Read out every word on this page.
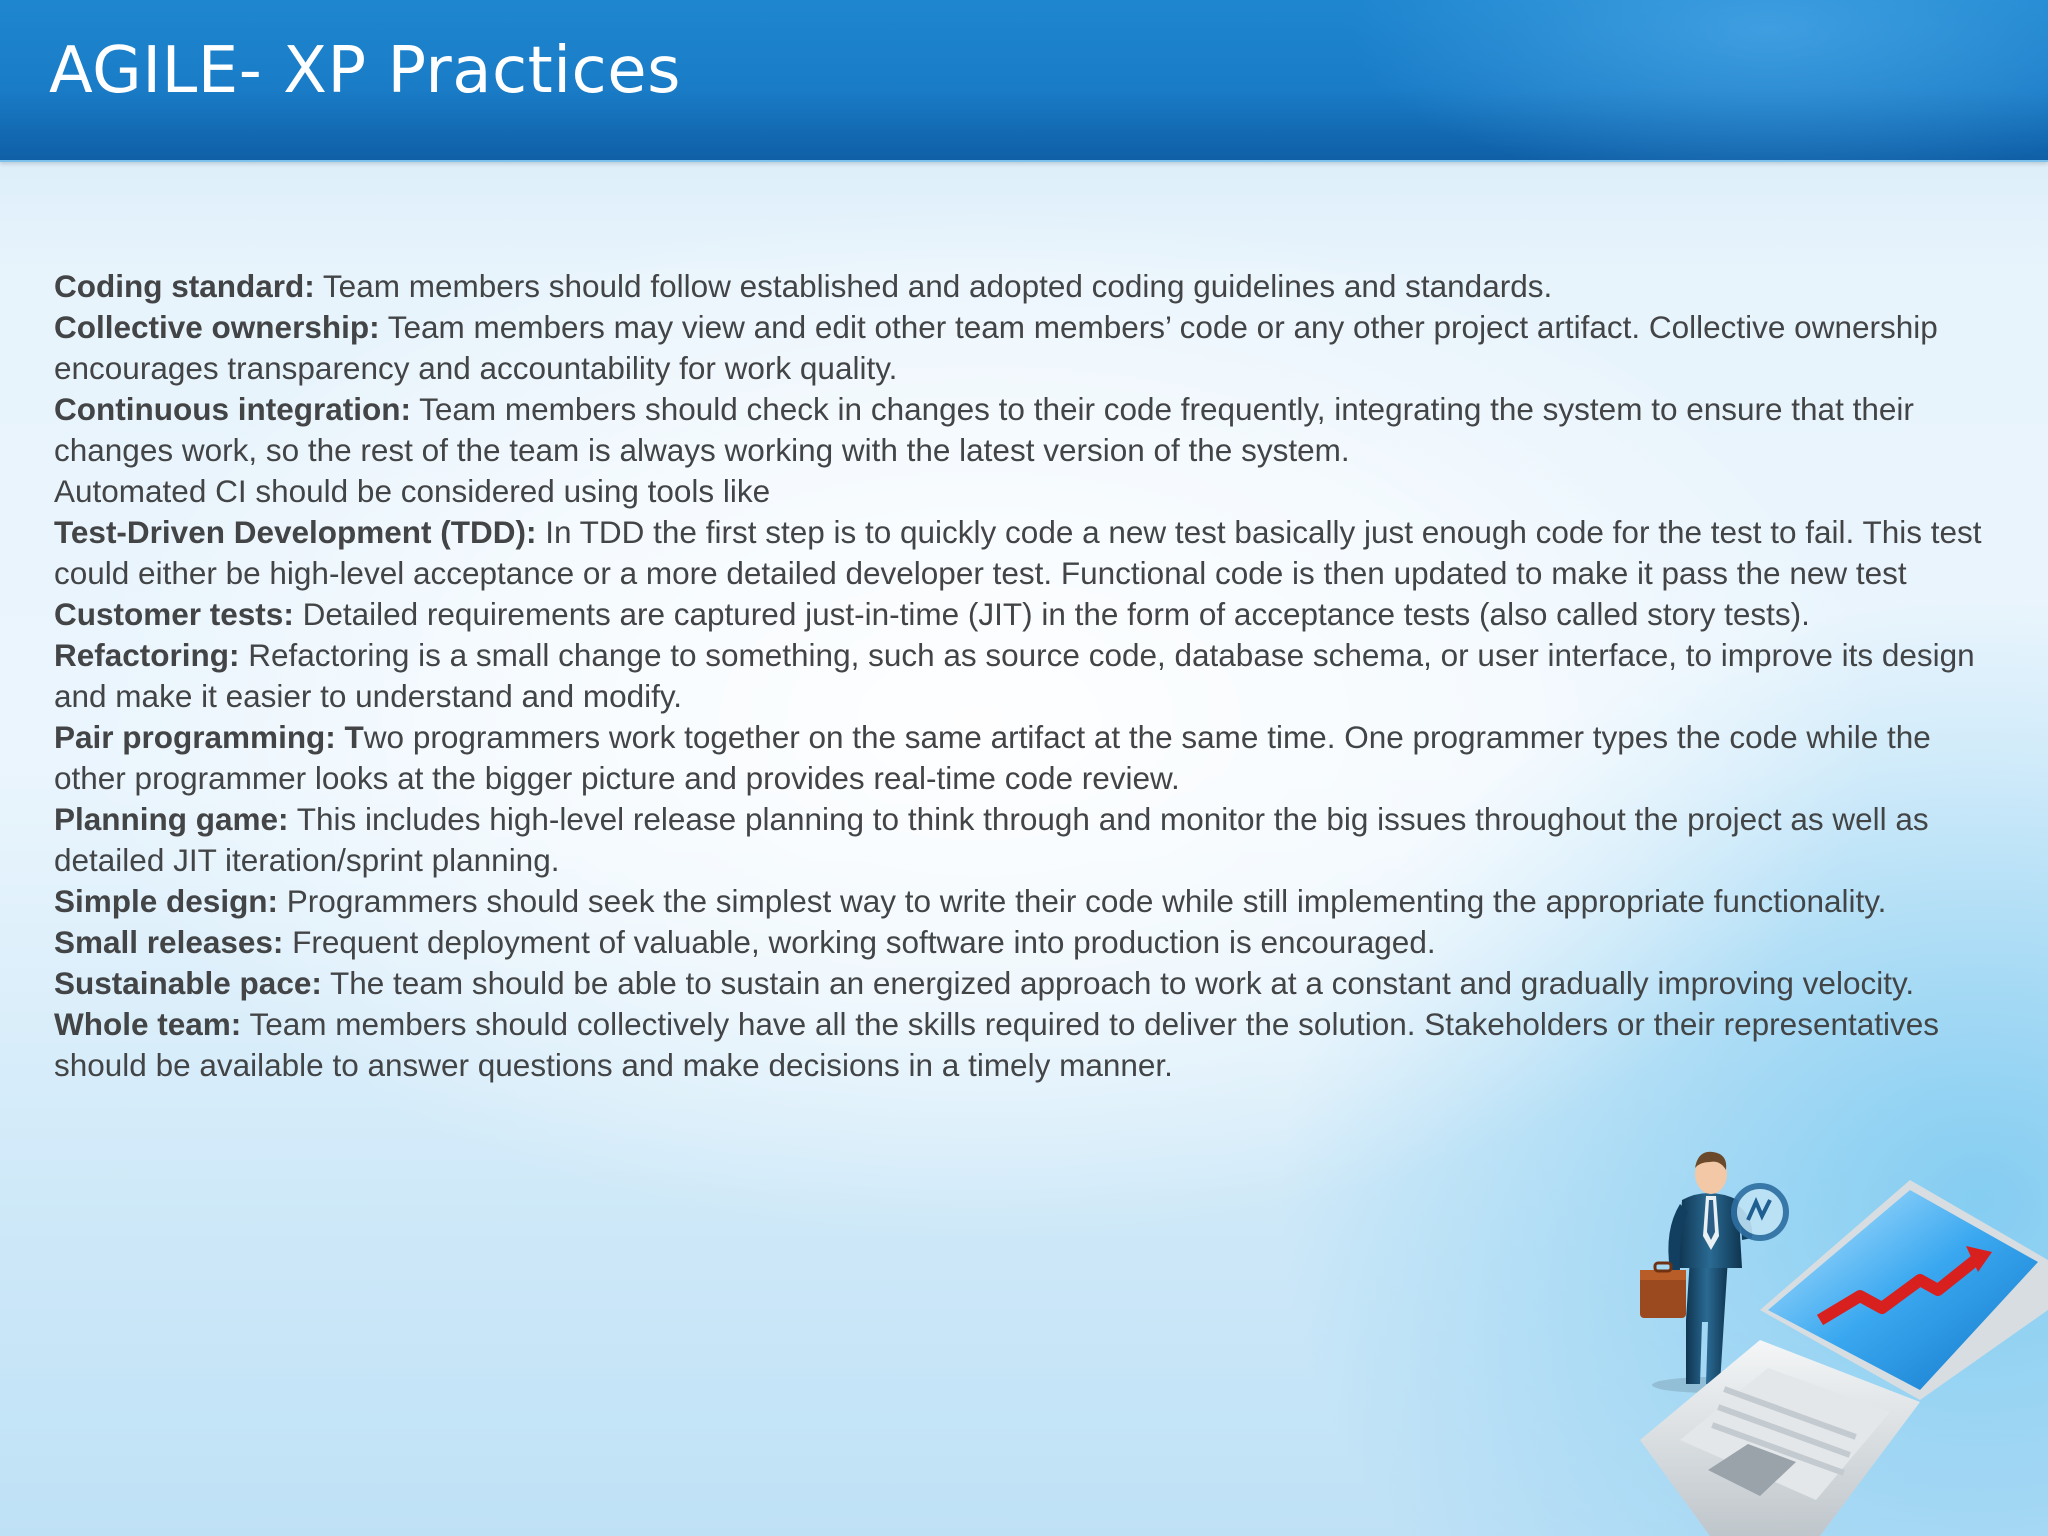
AGILE- XP Practices

Coding standard: Team members should follow established and adopted coding guidelines and standards.

Collective ownership: Team members may view and edit other team members’ code or any other project artifact. Collective ownership encourages transparency and accountability for work quality.

Continuous integration: Team members should check in changes to their code frequently, integrating the system to ensure that their changes work, so the rest of the team is always working with the latest version of the system.

Automated CI should be considered using tools like

Test-Driven Development (TDD): In TDD the first step is to quickly code a new test basically just enough code for the test to fail. This test could either be high-level acceptance or a more detailed developer test. Functional code is then updated to make it pass the new test

Customer tests: Detailed requirements are captured just-in-time (JIT) in the form of acceptance tests (also called story tests).

Refactoring: Refactoring is a small change to something, such as source code, database schema, or user interface, to improve its design and make it easier to understand and modify.

Pair programming: Two programmers work together on the same artifact at the same time. One programmer types the code while the other programmer looks at the bigger picture and provides real-time code review.

Planning game: This includes high-level release planning to think through and monitor the big issues throughout the project as well as detailed JIT iteration/sprint planning.

Simple design: Programmers should seek the simplest way to write their code while still implementing the appropriate functionality.

Small releases: Frequent deployment of valuable, working software into production is encouraged.

Sustainable pace: The team should be able to sustain an energized approach to work at a constant and gradually improving velocity.

Whole team: Team members should collectively have all the skills required to deliver the solution. Stakeholders or their representatives should be available to answer questions and make decisions in a timely manner.
